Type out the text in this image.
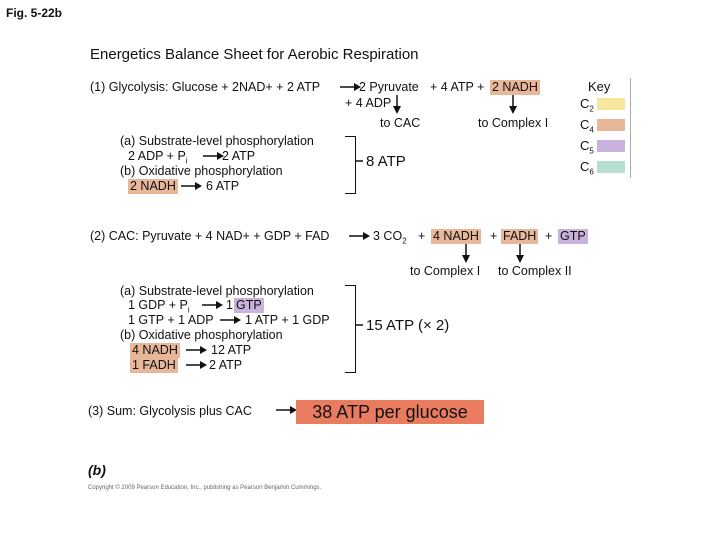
Fig. 5-22b
Energetics Balance Sheet for Aerobic Respiration
(1) Glycolysis: Glucose + 2NAD+ + 2 ATP	2 Pyruvate + 4 ATP + 2 NADH
+ 4 ADP
to CAC	to Complex I
(a) Substrate-level phosphorylation
2 ADP + $P_i$	2 ATP
(b) Oxidative phosphorylation
2 NADH 6 ATP
8 ATP
(2) CAC: Pyruvate + 4 NAD+ + GDP + FAD	3 $CO_2 + 4$ NADH + FADH + GTP
to Complex I to Complex II
(a) Substrate-level phosphorylation
1 GDP + $P_i$	1 GTP
1 GTP + 1 ADP	1 ATP + 1 GDP
(b) Oxidative phosphorylation
4 NADH	12 ATP
1 FADH	2 ATP
15 ATP (× 2)
(3) Sum: Glycolysis plus CAC	38 ATP per glucose
Key
$C_2$
$C_4$
$C_5$
$C_6$
(b)
Copyright © 2009 Pearson Education, Inc., publishing as Pearson Benjamin Cummings.
